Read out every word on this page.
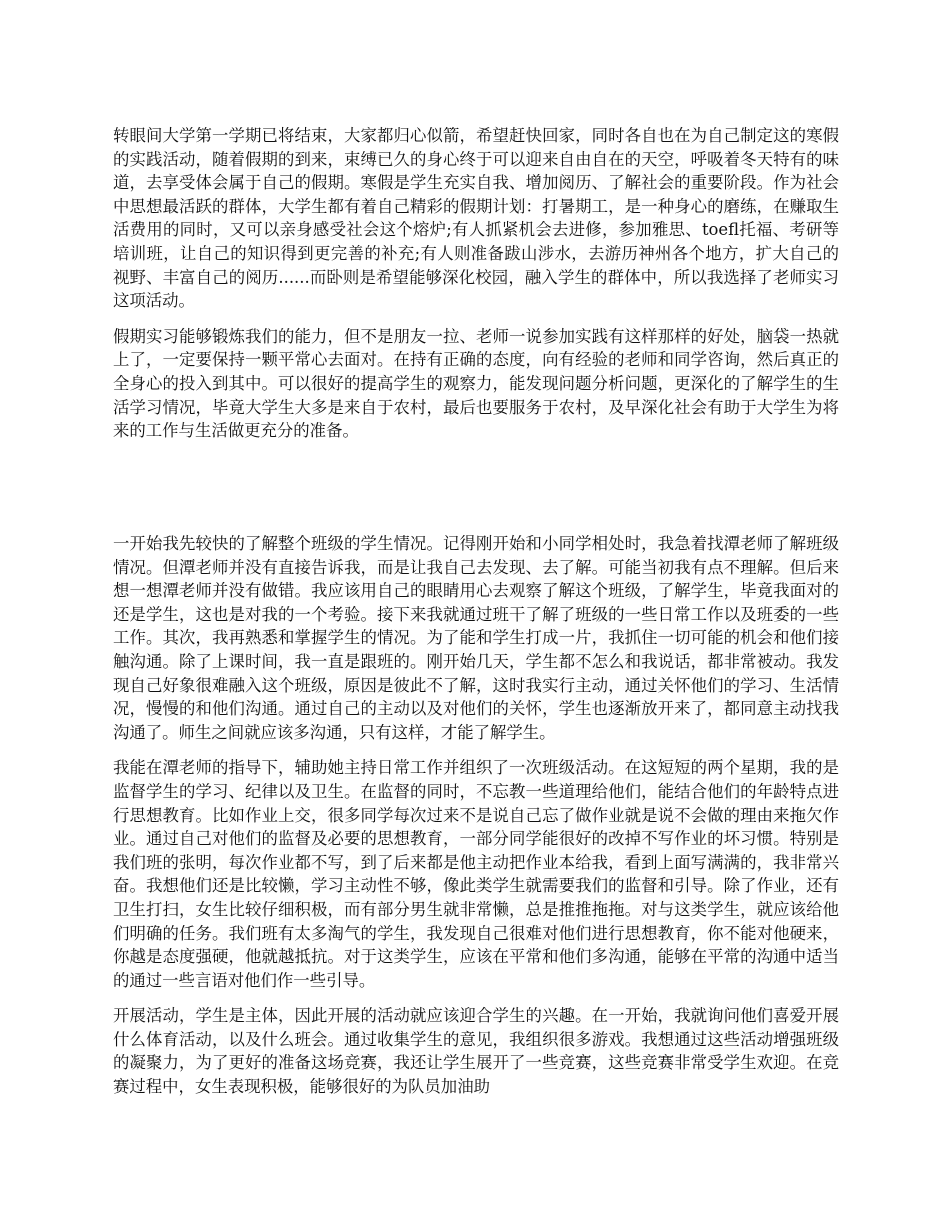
转眼间大学第一学期已将结束，大家都归心似箭，希望赶快回家，同时各自也在为自己制定这的寒假的实践活动，随着假期的到来，束缚已久的身心终于可以迎来自由自在的天空，呼吸着冬天特有的味道，去享受体会属于自己的假期。寒假是学生充实自我、增加阅历、了解社会的重要阶段。作为社会中思想最活跃的群体，大学生都有着自己精彩的假期计划：打暑期工，是一种身心的磨练，在赚取生活费用的同时，又可以亲身感受社会这个熔炉;有人抓紧机会去进修，参加雅思、toefl托福、考研等培训班，让自己的知识得到更完善的补充;有人则准备跋山涉水，去游历神州各个地方，扩大自己的视野、丰富自己的阅历......而卧则是希望能够深化校园，融入学生的群体中，所以我选择了老师实习这项活动。

假期实习能够锻炼我们的能力，但不是朋友一拉、老师一说参加实践有这样那样的好处，脑袋一热就上了，一定要保持一颗平常心去面对。在持有正确的态度，向有经验的老师和同学咨询，然后真正的全身心的投入到其中。可以很好的提高学生的观察力，能发现问题分析问题，更深化的了解学生的生活学习情况，毕竟大学生大多是来自于农村，最后也要服务于农村，及早深化社会有助于大学生为将来的工作与生活做更充分的准备。

一开始我先较快的了解整个班级的学生情况。记得刚开始和小同学相处时，我急着找潭老师了解班级情况。但潭老师并没有直接告诉我，而是让我自己去发现、去了解。可能当初我有点不理解。但后来想一想潭老师并没有做错。我应该用自己的眼睛用心去观察了解这个班级，了解学生，毕竟我面对的还是学生，这也是对我的一个考验。接下来我就通过班干了解了班级的一些日常工作以及班委的一些工作。其次，我再熟悉和掌握学生的情况。为了能和学生打成一片，我抓住一切可能的机会和他们接触沟通。除了上课时间，我一直是跟班的。刚开始几天，学生都不怎么和我说话，都非常被动。我发现自己好象很难融入这个班级，原因是彼此不了解，这时我实行主动，通过关怀他们的学习、生活情况，慢慢的和他们沟通。通过自己的主动以及对他们的关怀，学生也逐渐放开来了，都同意主动找我沟通了。师生之间就应该多沟通，只有这样，才能了解学生。

我能在潭老师的指导下，辅助她主持日常工作并组织了一次班级活动。在这短短的两个星期，我的是监督学生的学习、纪律以及卫生。在监督的同时，不忘教一些道理给他们，能结合他们的年龄特点进行思想教育。比如作业上交，很多同学每次过来不是说自己忘了做作业就是说不会做的理由来拖欠作业。通过自己对他们的监督及必要的思想教育，一部分同学能很好的改掉不写作业的坏习惯。特别是我们班的张明，每次作业都不写，到了后来都是他主动把作业本给我，看到上面写满满的，我非常兴奋。我想他们还是比较懒，学习主动性不够，像此类学生就需要我们的监督和引导。除了作业，还有卫生打扫，女生比较仔细积极，而有部分男生就非常懒，总是推推拖拖。对与这类学生，就应该给他们明确的任务。我们班有太多淘气的学生，我发现自己很难对他们进行思想教育，你不能对他硬来，你越是态度强硬，他就越抵抗。对于这类学生，应该在平常和他们多沟通，能够在平常的沟通中适当的通过一些言语对他们作一些引导。

开展活动，学生是主体，因此开展的活动就应该迎合学生的兴趣。在一开始，我就询问他们喜爱开展什么体育活动，以及什么班会。通过收集学生的意见，我组织很多游戏。我想通过这些活动增强班级的凝聚力，为了更好的准备这场竞赛，我还让学生展开了一些竞赛，这些竞赛非常受学生欢迎。在竞赛过程中，女生表现积极，能够很好的为队员加油助
